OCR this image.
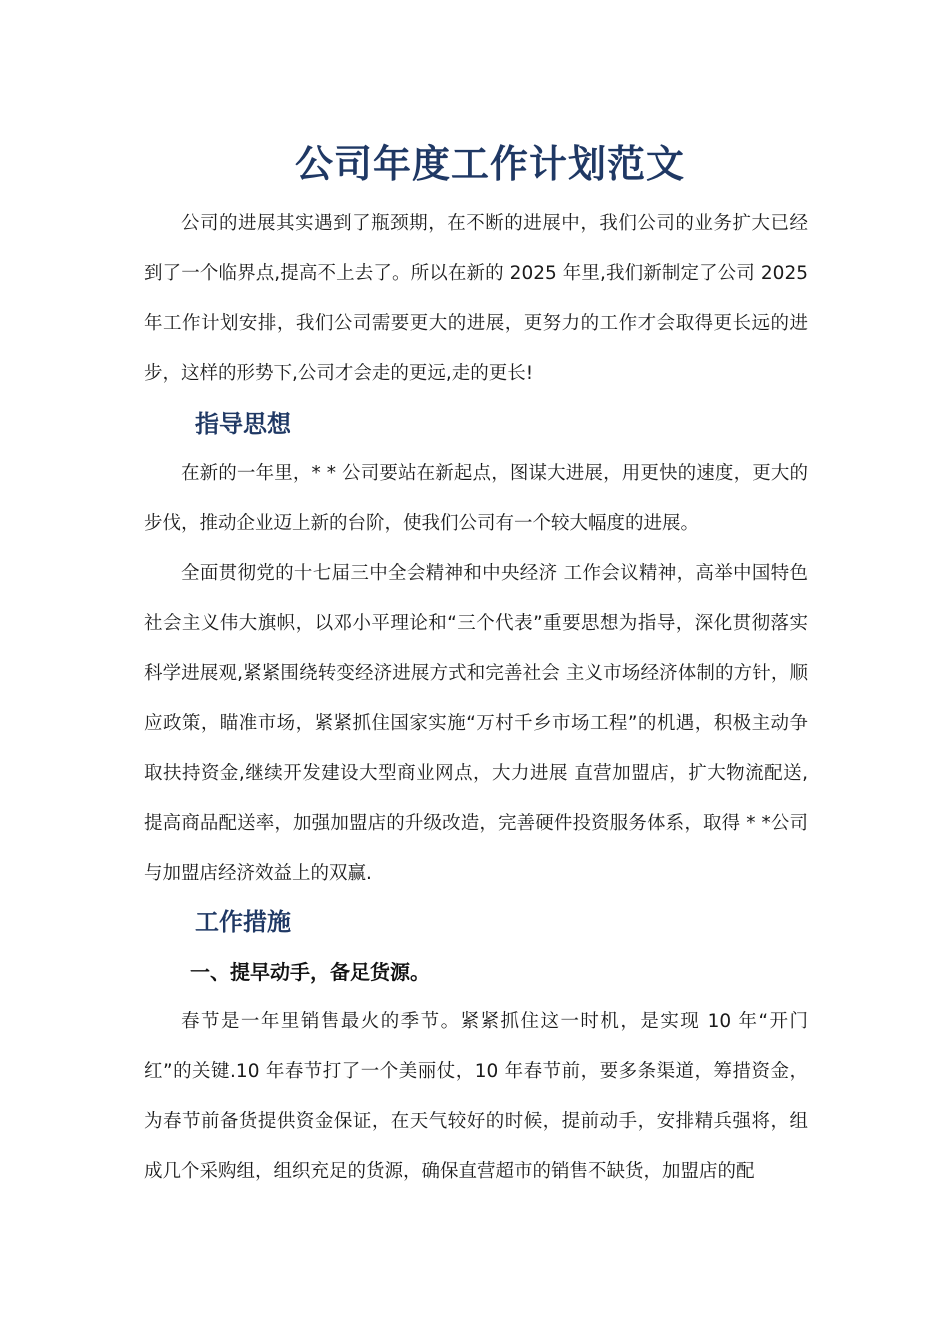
公司年度工作计划范文

公司的进展其实遇到了瓶颈期，在不断的进展中，我们公司的业务扩大已经到了一个临界点,提高不上去了。所以在新的 2025 年里,我们新制定了公司 2025 年工作计划安排，我们公司需要更大的进展，更努力的工作才会取得更长远的进步，这样的形势下,公司才会走的更远,走的更长!

指导思想

在新的一年里，* * 公司要站在新起点，图谋大进展，用更快的速度，更大的步伐，推动企业迈上新的台阶，使我们公司有一个较大幅度的进展。

全面贯彻党的十七届三中全会精神和中央经济 工作会议精神，高举中国特色社会主义伟大旗帜，以邓小平理论和“三个代表”重要思想为指导，深化贯彻落实科学进展观,紧紧围绕转变经济进展方式和完善社会 主义市场经济体制的方针，顺应政策，瞄准市场，紧紧抓住国家实施“万村千乡市场工程”的机遇，积极主动争取扶持资金,继续开发建设大型商业网点，大力进展 直营加盟店，扩大物流配送,提高商品配送率，加强加盟店的升级改造，完善硬件投资服务体系，取得 * *公司与加盟店经济效益上的双赢.

工作措施
一、提早动手，备足货源。

春节是一年里销售最火的季节。紧紧抓住这一时机，是实现 10 年“开门红”的关键.10 年春节打了一个美丽仗，10 年春节前，要多条渠道，筹措资金，为春节前备货提供资金保证，在天气较好的时候，提前动手，安排精兵强将，组成几个采购组，组织充足的货源，确保直营超市的销售不缺货，加盟店的配
